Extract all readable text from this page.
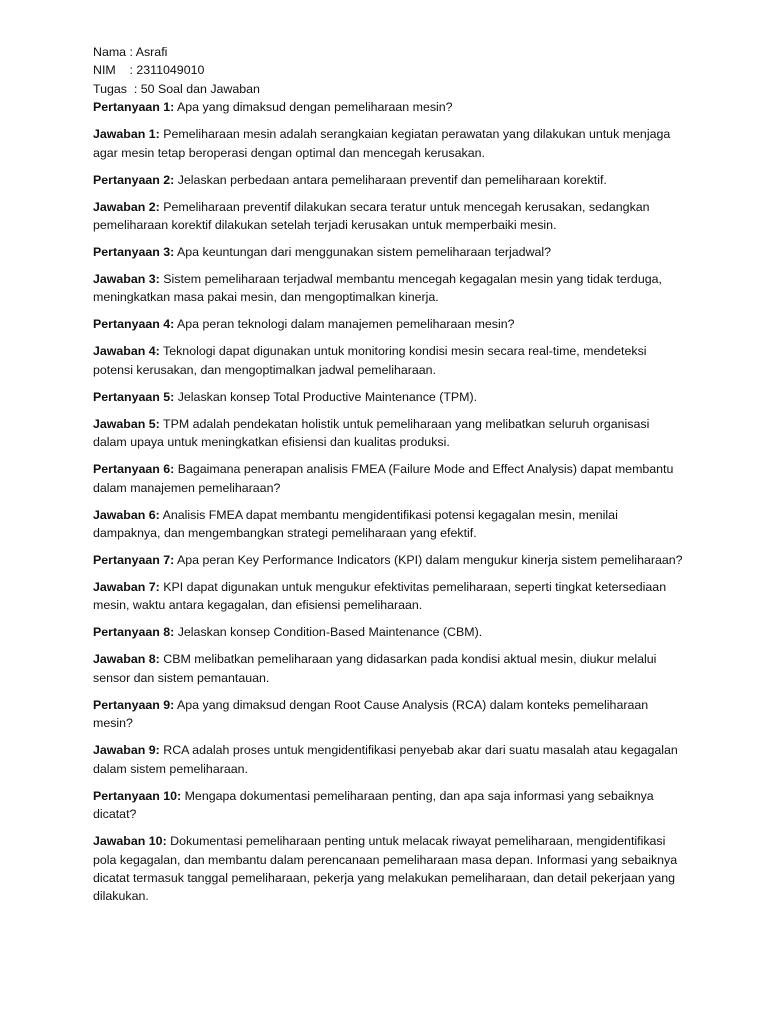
Nama : Asrafi
NIM    : 2311049010
Tugas  : 50 Soal dan Jawaban

Pertanyaan 1: Apa yang dimaksud dengan pemeliharaan mesin?

Jawaban 1: Pemeliharaan mesin adalah serangkaian kegiatan perawatan yang dilakukan untuk menjaga agar mesin tetap beroperasi dengan optimal dan mencegah kerusakan.

Pertanyaan 2: Jelaskan perbedaan antara pemeliharaan preventif dan pemeliharaan korektif.

Jawaban 2: Pemeliharaan preventif dilakukan secara teratur untuk mencegah kerusakan, sedangkan pemeliharaan korektif dilakukan setelah terjadi kerusakan untuk memperbaiki mesin.

Pertanyaan 3: Apa keuntungan dari menggunakan sistem pemeliharaan terjadwal?

Jawaban 3: Sistem pemeliharaan terjadwal membantu mencegah kegagalan mesin yang tidak terduga, meningkatkan masa pakai mesin, dan mengoptimalkan kinerja.

Pertanyaan 4: Apa peran teknologi dalam manajemen pemeliharaan mesin?

Jawaban 4: Teknologi dapat digunakan untuk monitoring kondisi mesin secara real-time, mendeteksi potensi kerusakan, dan mengoptimalkan jadwal pemeliharaan.

Pertanyaan 5: Jelaskan konsep Total Productive Maintenance (TPM).

Jawaban 5: TPM adalah pendekatan holistik untuk pemeliharaan yang melibatkan seluruh organisasi dalam upaya untuk meningkatkan efisiensi dan kualitas produksi.

Pertanyaan 6: Bagaimana penerapan analisis FMEA (Failure Mode and Effect Analysis) dapat membantu dalam manajemen pemeliharaan?

Jawaban 6: Analisis FMEA dapat membantu mengidentifikasi potensi kegagalan mesin, menilai dampaknya, dan mengembangkan strategi pemeliharaan yang efektif.

Pertanyaan 7: Apa peran Key Performance Indicators (KPI) dalam mengukur kinerja sistem pemeliharaan?

Jawaban 7: KPI dapat digunakan untuk mengukur efektivitas pemeliharaan, seperti tingkat ketersediaan mesin, waktu antara kegagalan, dan efisiensi pemeliharaan.

Pertanyaan 8: Jelaskan konsep Condition-Based Maintenance (CBM).

Jawaban 8: CBM melibatkan pemeliharaan yang didasarkan pada kondisi aktual mesin, diukur melalui sensor dan sistem pemantauan.

Pertanyaan 9: Apa yang dimaksud dengan Root Cause Analysis (RCA) dalam konteks pemeliharaan mesin?

Jawaban 9: RCA adalah proses untuk mengidentifikasi penyebab akar dari suatu masalah atau kegagalan dalam sistem pemeliharaan.

Pertanyaan 10: Mengapa dokumentasi pemeliharaan penting, dan apa saja informasi yang sebaiknya dicatat?

Jawaban 10: Dokumentasi pemeliharaan penting untuk melacak riwayat pemeliharaan, mengidentifikasi pola kegagalan, dan membantu dalam perencanaan pemeliharaan masa depan. Informasi yang sebaiknya dicatat termasuk tanggal pemeliharaan, pekerja yang melakukan pemeliharaan, dan detail pekerjaan yang dilakukan.
